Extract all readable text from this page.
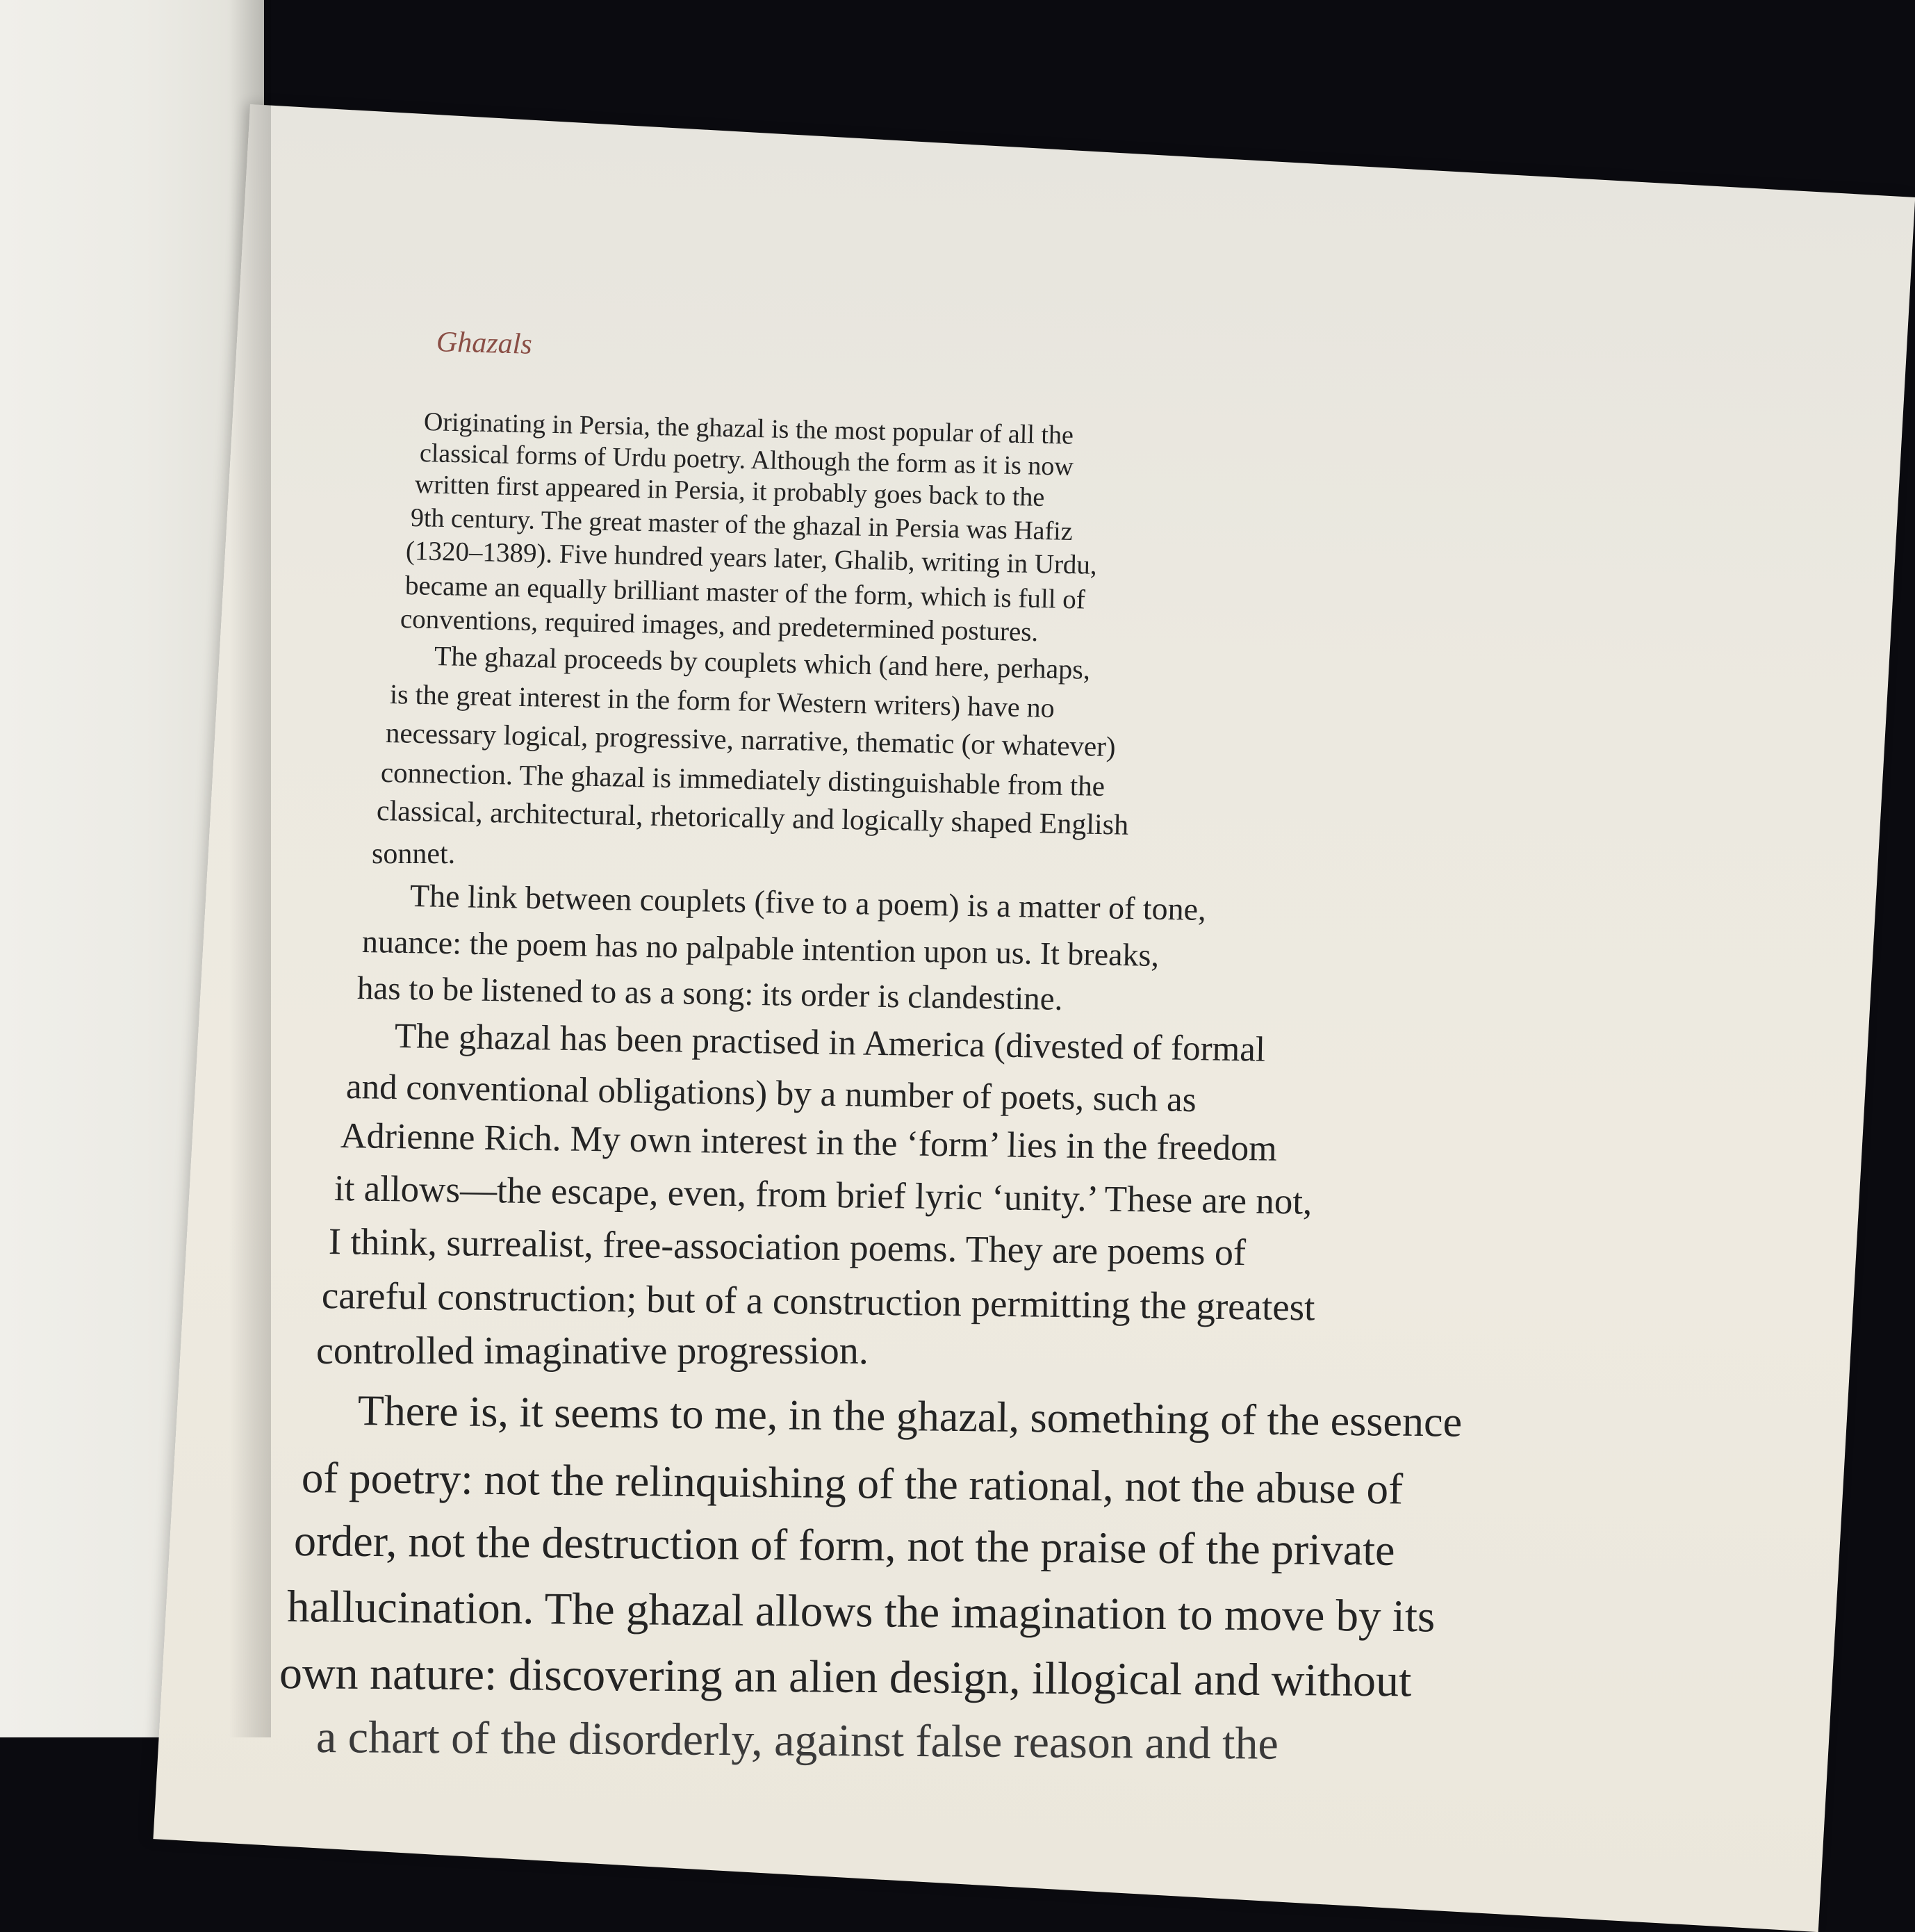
Ghazals
Originating in Persia, the ghazal is the most popular of all the
classical forms of Urdu poetry. Although the form as it is now
written first appeared in Persia, it probably goes back to the
9th century. The great master of the ghazal in Persia was Hafiz
(1320–1389). Five hundred years later, Ghalib, writing in Urdu,
became an equally brilliant master of the form, which is full of
conventions, required images, and predetermined postures.
The ghazal proceeds by couplets which (and here, perhaps,
is the great interest in the form for Western writers) have no
necessary logical, progressive, narrative, thematic (or whatever)
connection. The ghazal is immediately distinguishable from the
classical, architectural, rhetorically and logically shaped English
sonnet.
The link between couplets (five to a poem) is a matter of tone,
nuance: the poem has no palpable intention upon us. It breaks,
has to be listened to as a song: its order is clandestine.
The ghazal has been practised in America (divested of formal
and conventional obligations) by a number of poets, such as
Adrienne Rich. My own interest in the ‘form’ lies in the freedom
it allows—the escape, even, from brief lyric ‘unity.’ These are not,
I think, surrealist, free-association poems. They are poems of
careful construction; but of a construction permitting the greatest
controlled imaginative progression.
There is, it seems to me, in the ghazal, something of the essence
of poetry: not the relinquishing of the rational, not the abuse of
order, not the destruction of form, not the praise of the private
hallucination. The ghazal allows the imagination to move by its
own nature: discovering an alien design, illogical and without
a chart of the disorderly, against false reason and the
